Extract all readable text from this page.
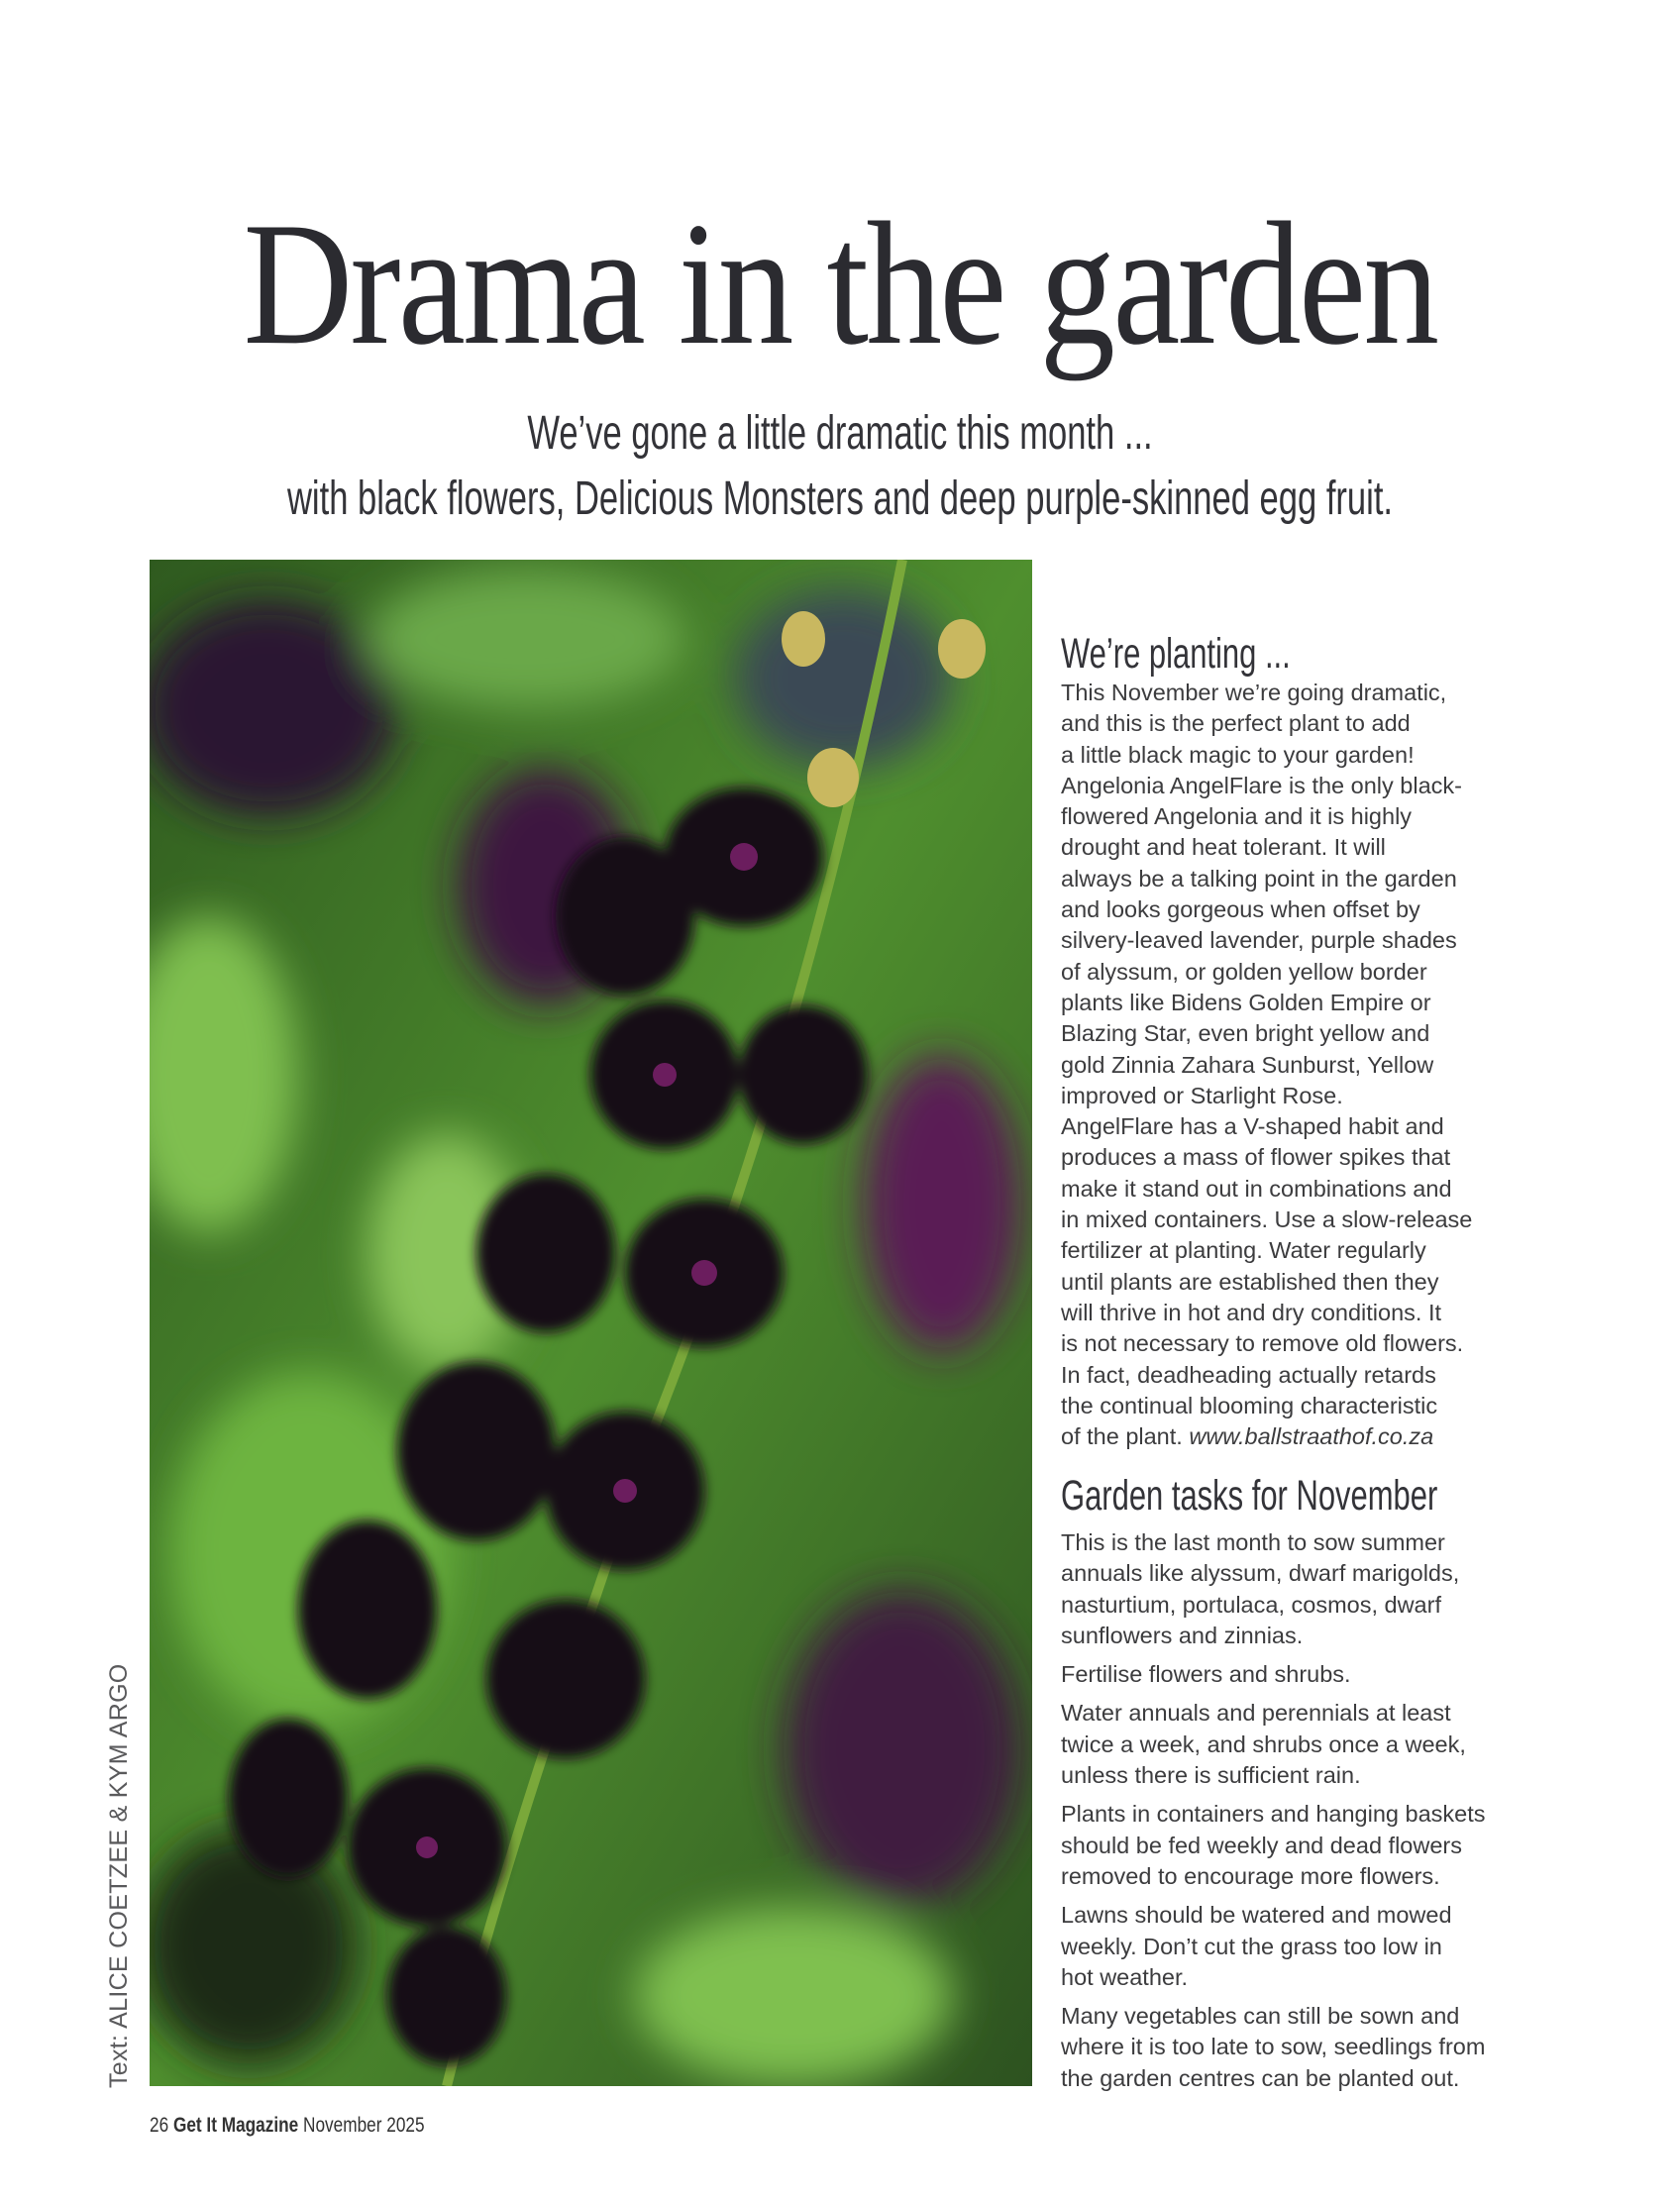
Drama in the garden
We’ve gone a little dramatic this month ...
with black flowers, Delicious Monsters and deep purple-skinned egg fruit.
We’re planting ...
This November we’re going dramatic,
and this is the perfect plant to add
a little black magic to your garden!
Angelonia AngelFlare is the only black-
flowered Angelonia and it is highly
drought and heat tolerant. It will
always be a talking point in the garden
and looks gorgeous when offset by
silvery-leaved lavender, purple shades
of alyssum, or golden yellow border
plants like Bidens Golden Empire or
Blazing Star, even bright yellow and
gold Zinnia Zahara Sunburst, Yellow
improved or Starlight Rose.
AngelFlare has a V-shaped habit and
produces a mass of flower spikes that
make it stand out in combinations and
in mixed containers. Use a slow-release
fertilizer at planting. Water regularly
until plants are established then they
will thrive in hot and dry conditions. It
is not necessary to remove old flowers.
In fact, deadheading actually retards
the continual blooming characteristic
of the plant. www.ballstraathof.co.za
Garden tasks for November
This is the last month to sow summer
annuals like alyssum, dwarf marigolds,
nasturtium, portulaca, cosmos, dwarf
sunflowers and zinnias.
Fertilise flowers and shrubs.
Water annuals and perennials at least
twice a week, and shrubs once a week,
unless there is sufficient rain.
Plants in containers and hanging baskets
should be fed weekly and dead flowers
removed to encourage more flowers.
Lawns should be watered and mowed
weekly. Don’t cut the grass too low in
hot weather.
Many vegetables can still be sown and
where it is too late to sow, seedlings from
the garden centres can be planted out.
Text: ALICE COETZEE & KYM ARGO
26 Get It Magazine November 2025
